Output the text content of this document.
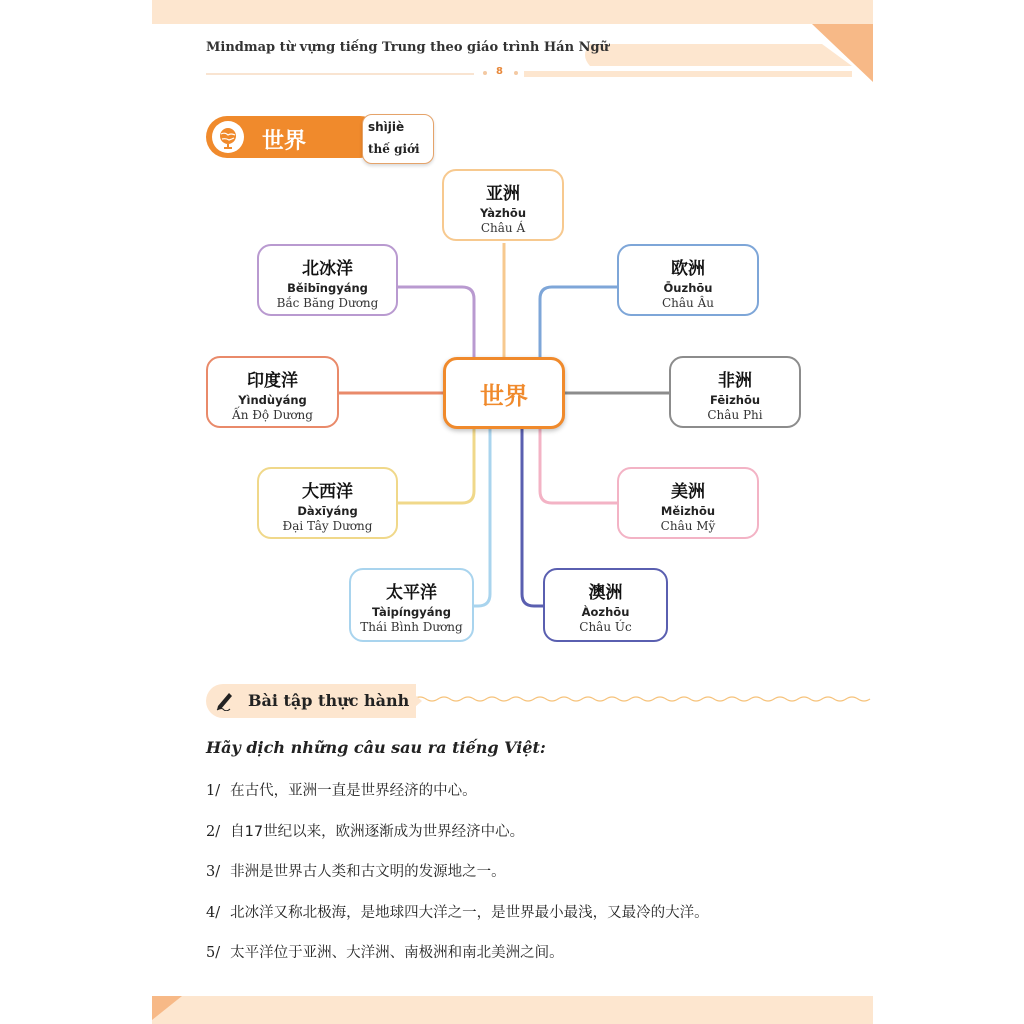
Mindmap từ vựng tiếng Trung theo giáo trình Hán Ngữ
8
世界
shìjiè
thế giới
亚洲
Yàzhōu
Châu Á
北冰洋
Běibīngyáng
Bắc Băng Dương
欧洲
Ōuzhōu
Châu Âu
印度洋
Yìndùyáng
Ấn Độ Dương
非洲
Fēizhōu
Châu Phi
大西洋
Dàxīyáng
Đại Tây Dương
美洲
Měizhōu
Châu Mỹ
太平洋
Tàipíngyáng
Thái Bình Dương
澳洲
Àozhōu
Châu Úc
世界
Bài tập thực hành
Hãy dịch những câu sau ra tiếng Việt:
1/ 在古代，亚洲一直是世界经济的中心。
2/ 自17世纪以来，欧洲逐渐成为世界经济中心。
3/ 非洲是世界古人类和古文明的发源地之一。
4/ 北冰洋又称北极海，是地球四大洋之一，是世界最小最浅，又最冷的大洋。
5/ 太平洋位于亚洲、大洋洲、南极洲和南北美洲之间。
